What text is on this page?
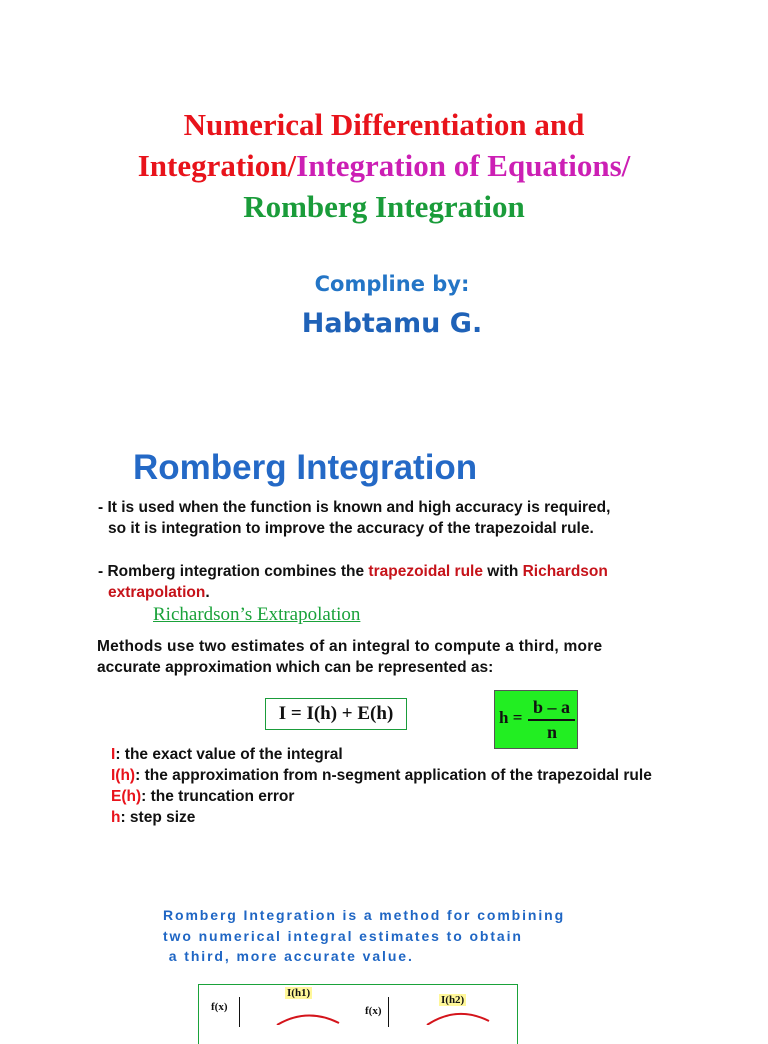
Numerical Differentiation and
Integration/Integration of Equations/
Romberg Integration
Compline by:
Habtamu G.
Romberg Integration
- It is used when the function is known and high accuracy is required,
so it is integration to improve the accuracy of the trapezoidal rule.
- Romberg integration combines the trapezoidal rule with Richardson
extrapolation.
Richardson’s Extrapolation
Methods use two estimates of an integral to compute a third, more
accurate approximation which can be represented as:
I = I(h) + E(h)	h =
b – a
n
I: the exact value of the integral
I(h): the approximation from n-segment application of the trapezoidal rule
E(h): the truncation error
h: step size
Romberg Integration is a method for combining
two numerical integral estimates to obtain
a third, more accurate value.
f(x)
I(h1)
f(x)
I(h2)
